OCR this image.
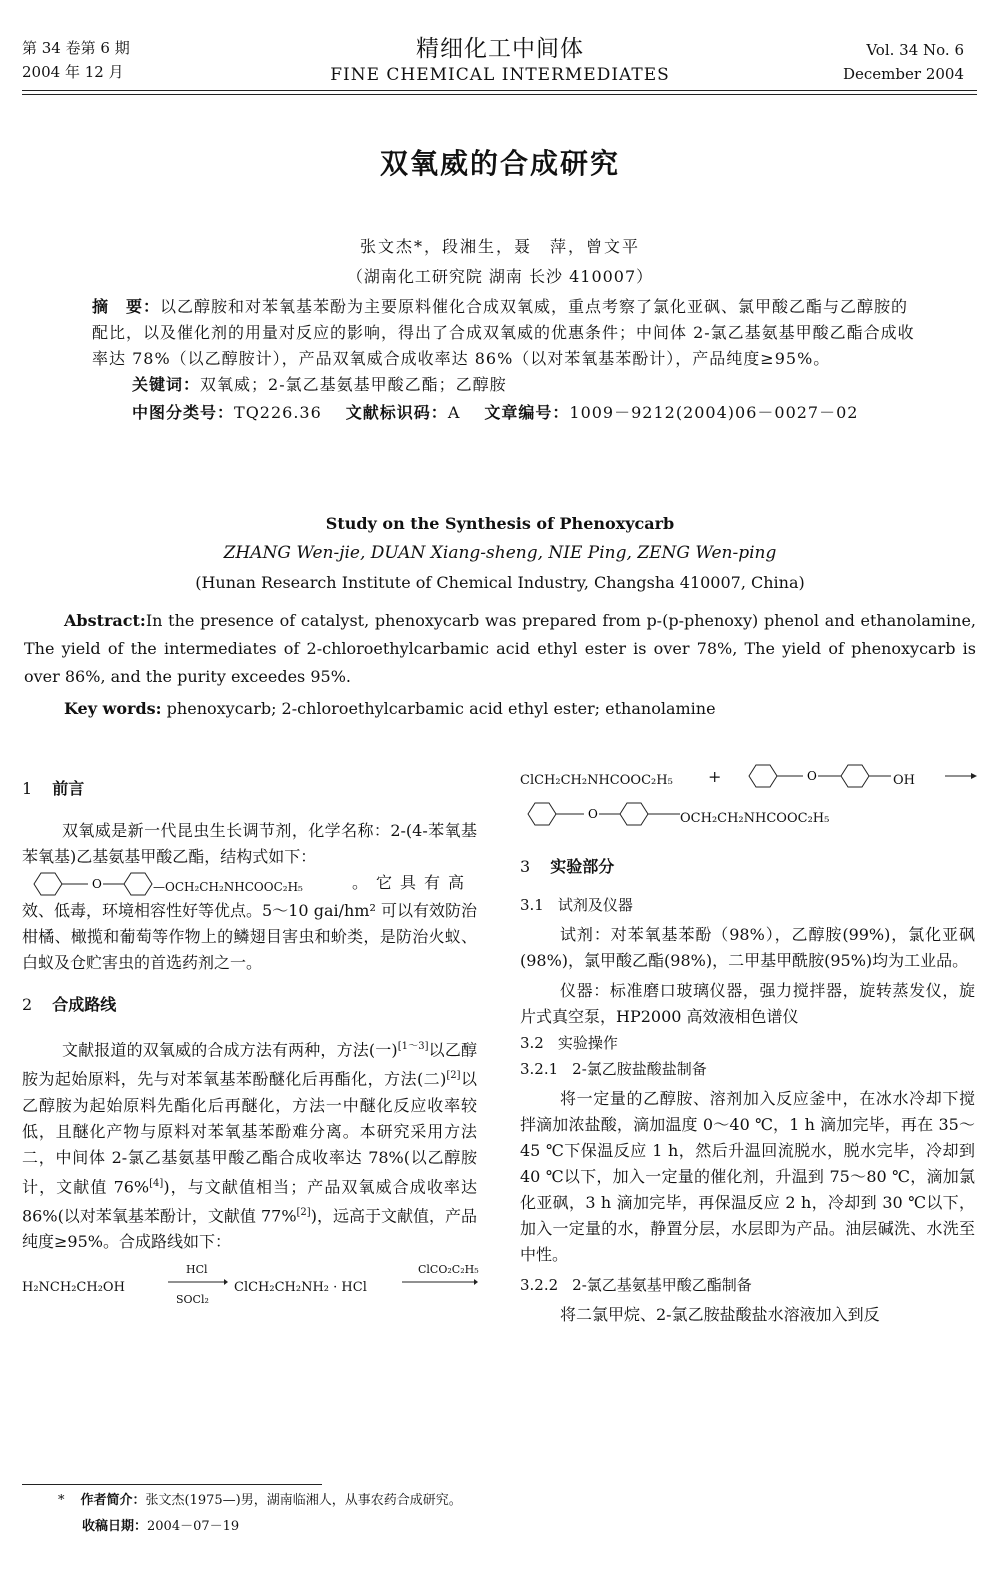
第 34 卷第 6 期
2004 年 12 月
精细化工中间体
FINE CHEMICAL INTERMEDIATES
Vol. 34 No. 6
December 2004
双氧威的合成研究
张文杰*，段湘生，聂　萍，曾文平
（湖南化工研究院 湖南 长沙 410007）

摘　要：以乙醇胺和对苯氧基苯酚为主要原料催化合成双氧威，重点考察了氯化亚砜、氯甲酸乙酯与乙醇胺的配比，以及催化剂的用量对反应的影响，得出了合成双氧威的优惠条件；中间体 2-氯乙基氨基甲酸乙酯合成收率达 78%（以乙醇胺计），产品双氧威合成收率达 86%（以对苯氧基苯酚计），产品纯度≥95%。

关键词：双氧威；2-氯乙基氨基甲酸乙酯；乙醇胺

中图分类号：TQ226.36 文献标识码：A 文章编号：1009－9212(2004)06－0027－02

Study on the Synthesis of Phenoxycarb
ZHANG Wen-jie, DUAN Xiang-sheng, NIE Ping, ZENG Wen-ping
(Hunan Research Institute of Chemical Industry, Changsha 410007, China)

Abstract:In the presence of catalyst, phenoxycarb was prepared from p-(p-phenoxy) phenol and ethanolamine, The yield of the intermediates of 2-chloroethylcarbamic acid ethyl ester is over 78%, The yield of phenoxycarb is over 86%, and the purity exceedes 95%.

Key words: phenoxycarb; 2-chloroethylcarbamic acid ethyl ester; ethanolamine

1 前言

双氧威是新一代昆虫生长调节剂，化学名称：2-(4-苯氧基苯氧基)乙基氨基甲酸乙酯，结构式如下：

O	—OCH₂CH₂NHCOOC₂H₅	。它具有高

效、低毒，环境相容性好等优点。5～10 gai/hm² 可以有效防治柑橘、橄揽和葡萄等作物上的鳞翅目害虫和蚧类，是防治火蚁、白蚁及仓贮害虫的首选药剂之一。

2 合成路线

文献报道的双氧威的合成方法有两种，方法(一)[1～3]以乙醇胺为起始原料，先与对苯氧基苯酚醚化后再酯化，方法(二)[2]以乙醇胺为起始原料先酯化后再醚化，方法一中醚化反应收率较低，且醚化产物与原料对苯氧基苯酚难分离。本研究采用方法二，中间体 2-氯乙基氨基甲酸乙酯合成收率达 78%(以乙醇胺计，文献值 76%[4])，与文献值相当；产品双氧威合成收率达 86%(以对苯氧基苯酚计，文献值 77%[2])，远高于文献值，产品纯度≥95%。合成路线如下：

H₂NCH₂CH₂OH
HCl
SOCl₂
ClCH₂CH₂NH₂ · HCl
ClCO₂C₂H₅
ClCH₂CH₂NHCOOC₂H₅ +	O	OH
O	OCH₂CH₂NHCOOC₂H₅
3 实验部分
3.1 试剂及仪器

试剂：对苯氧基苯酚（98%），乙醇胺(99%)，氯化亚砜(98%)，氯甲酸乙酯(98%)，二甲基甲酰胺(95%)均为工业品。

仪器：标准磨口玻璃仪器，强力搅拌器，旋转蒸发仪，旋片式真空泵，HP2000 高效液相色谱仪

3.2 实验操作
3.2.1 2-氯乙胺盐酸盐制备

将一定量的乙醇胺、溶剂加入反应釜中，在冰水冷却下搅拌滴加浓盐酸，滴加温度 0～40 ℃，1 h 滴加完毕，再在 35～45 ℃下保温反应 1 h，然后升温回流脱水，脱水完毕，冷却到 40 ℃以下，加入一定量的催化剂，升温到 75～80 ℃，滴加氯化亚砜，3 h 滴加完毕，再保温反应 2 h，冷却到 30 ℃以下，加入一定量的水，静置分层，水层即为产品。油层碱洗、水洗至中性。

3.2.2 2-氯乙基氨基甲酸乙酯制备

将二氯甲烷、2-氯乙胺盐酸盐水溶液加入到反

* 作者简介：张文杰(1975—)男，湖南临湘人，从事农药合成研究。
收稿日期：2004－07－19
